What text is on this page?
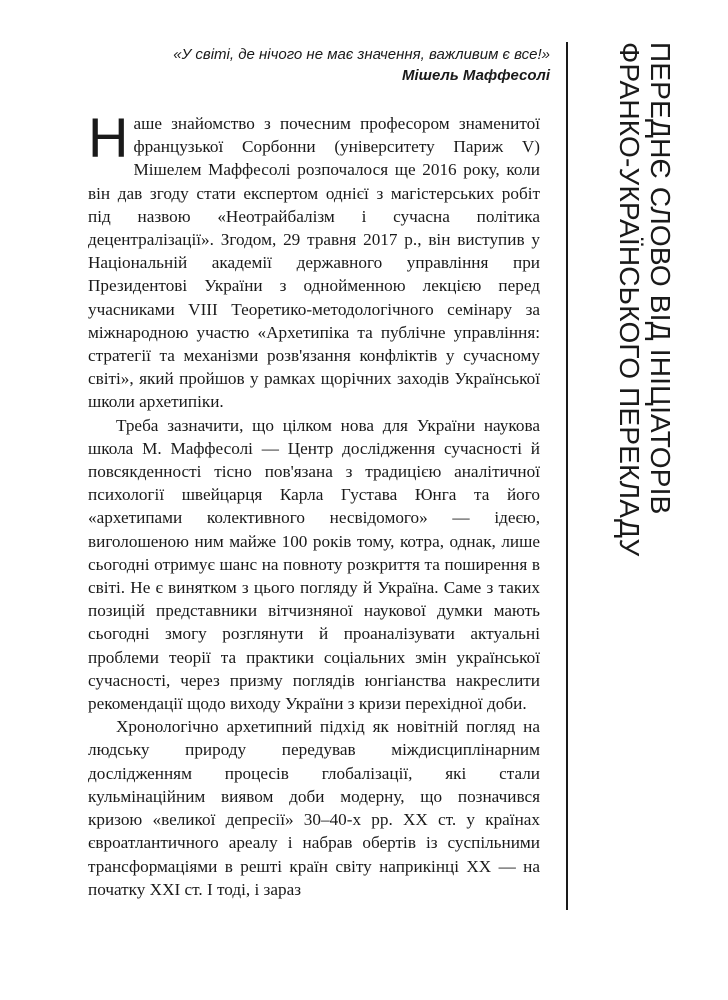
«У світі, де нічого не має значення, важливим є все!»
Мішель Маффесолі

Наше знайомство з почесним професором знаменитої французької Сорбонни (університету Париж V) Мішелем Маффесолі розпочалося ще 2016 року, коли він дав згоду стати експертом однієї з магістерських робіт під назвою «Неотрайбалізм і сучасна політика децентралізації». Згодом, 29 травня 2017 р., він виступив у Національній академії державного управління при Президентові України з однойменною лекцією перед учасниками VIII Теоретико-методологічного семінару за міжнародною участю «Архетипіка та публічне управління: стратегії та механізми розв'язання конфліктів у сучасному світі», який пройшов у рамках щорічних заходів Української школи архетипіки.

Треба зазначити, що цілком нова для України наукова школа М. Маффесолі — Центр дослідження сучасності й повсякденності тісно пов'язана з традицією аналітичної психології швейцарця Карла Густава Юнга та його «архетипами колективного несвідомого» — ідеєю, виголошеною ним майже 100 років тому, котра, однак, лише сьогодні отримує шанс на повноту розкриття та поширення в світі. Не є винятком з цього погляду й Україна. Саме з таких позицій представники вітчизняної наукової думки мають сьогодні змогу розглянути й проаналізувати актуальні проблеми теорії та практики соціальних змін української сучасності, через призму поглядів юнгіанства накреслити рекомендації щодо виходу України з кризи перехідної доби.

Хронологічно архетипний підхід як новітній погляд на людську природу передував міждисциплінарним дослідженням процесів глобалізації, які стали кульмінаційним виявом доби модерну, що позначився кризою «великої депресії» 30–40-х рр. XX ст. у країнах євроатлантичного ареалу і набрав обертів із суспільними трансформаціями в решті країн світу наприкінці XX — на початку XXI ст. І тоді, і зараз

ПЕРЕДНЄ СЛОВО ВІД ІНІЦІАТОРІВ
ФРАНКО-УКРАЇНСЬКОГО ПЕРЕКЛАДУ
